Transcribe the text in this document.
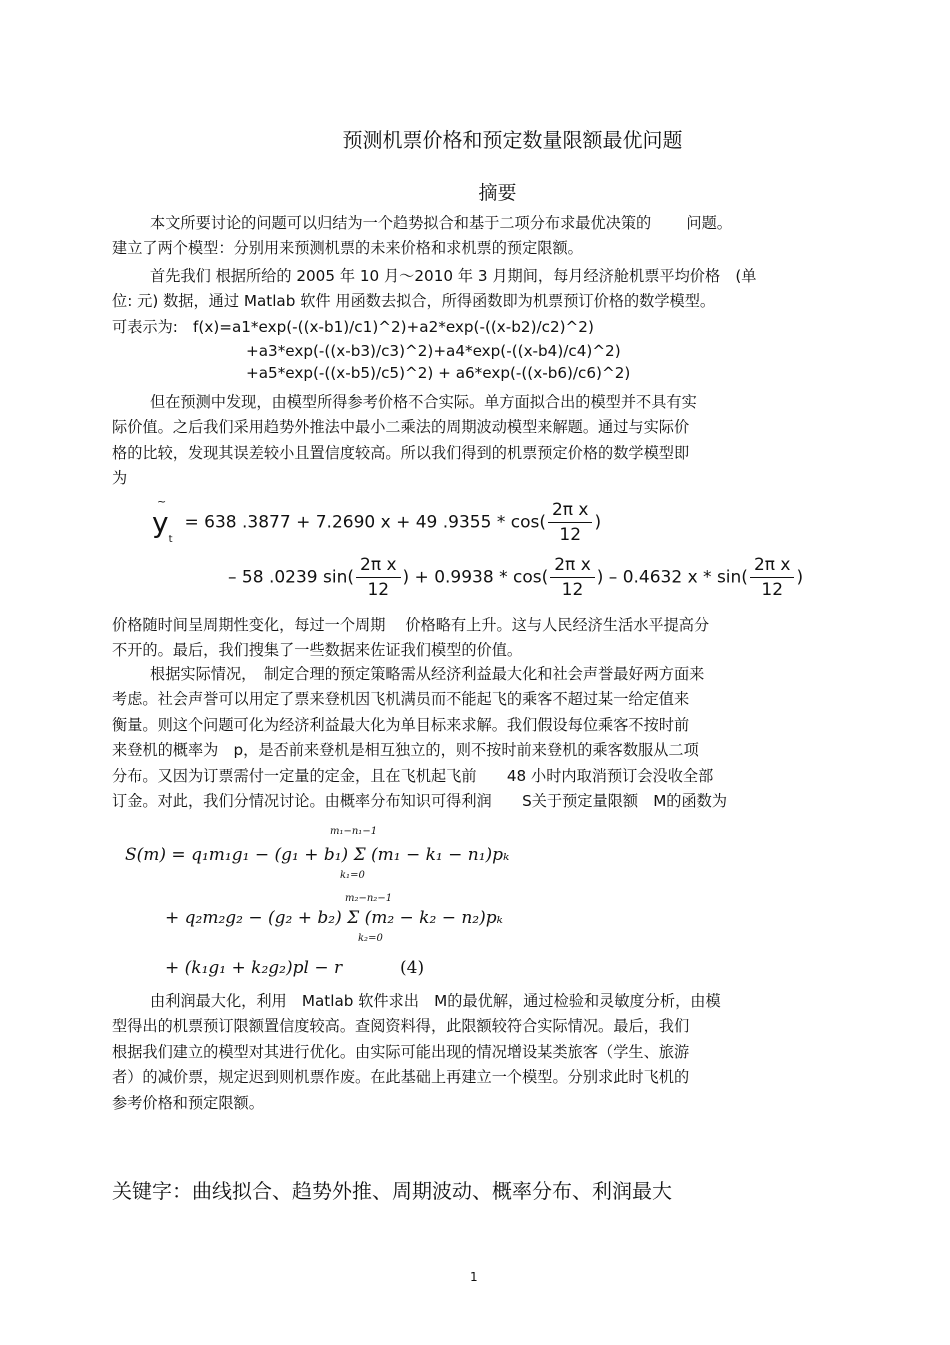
预测机票价格和预定数量限额最优问题
摘要
本文所要讨论的问题可以归结为一个趋势拟合和基于二项分布求最优决策的　　 问题。
建立了两个模型：分别用来预测机票的未来价格和求机票的预定限额。
首先我们 根据所给的 2005 年 10 月～2010 年 3 月期间，每月经济舱机票平均价格　(单
位: 元) 数据，通过 Matlab 软件 用函数去拟合，所得函数即为机票预订价格的数学模型。
可表示为:　f(x)=a1*exp(-((x-b1)/c1)^2)+a2*exp(-((x-b2)/c2)^2)
+a3*exp(-((x-b3)/c3)^2)+a4*exp(-((x-b4)/c4)^2)
+a5*exp(-((x-b5)/c5)^2) + a6*exp(-((x-b6)/c6)^2)
但在预测中发现，由模型所得参考价格不合实际。单方面拟合出的模型并不具有实
际价值。之后我们采用趋势外推法中最小二乘法的周期波动模型来解题。通过与实际价
格的比较，发现其误差较小且置信度较高。所以我们得到的机票预定价格的数学模型即
为
~
$y_t= 638$ .3877 + 7.2690 x + 49 $.9355 * \cos( \frac{\text{2π x}}{12}$ )
– 58 .0239 $\sin( \frac{\text{2π x}}{12}$ ) + $0.9938 * \cos( \frac{\text{2π x}}{12}$ ) – 0.4632 x * $\sin( \frac{\text{2π x}}{12}$ )
价格随时间呈周期性变化，每过一个周期　 价格略有上升。这与人民经济生活水平提高分
不开的。最后，我们搜集了一些数据来佐证我们模型的价值。
根据实际情况，　制定合理的预定策略需从经济利益最大化和社会声誉最好两方面来
考虑。社会声誉可以用定了票来登机因飞机满员而不能起飞的乘客不超过某一给定值来
衡量。则这个问题可化为经济利益最大化为单目标来求解。我们假设每位乘客不按时前
来登机的概率为　p，是否前来登机是相互独立的，则不按时前来登机的乘客数服从二项
分布。又因为订票需付一定量的定金，且在飞机起飞前　　48 小时内取消预订会没收全部
订金。对此，我们分情况讨论。由概率分布知识可得利润　　S关于预定量限额　M的函数为
m₁−n₁−1
S(m) = q₁m₁g₁ − (g₁ + b₁) Σ (m₁ − k₁ − n₁)pₖ
k₁=0
m₂−n₂−1
+ q₂m₂g₂ − (g₂ + b₂) Σ (m₂ − k₂ − n₂)pₖ
k₂=0
+ (k₁g₁ + k₂g₂)pl − r	(4)
由利润最大化，利用　Matlab 软件求出　M的最优解，通过检验和灵敏度分析，由模
型得出的机票预订限额置信度较高。查阅资料得，此限额较符合实际情况。最后，我们
根据我们建立的模型对其进行优化。由实际可能出现的情况增设某类旅客（学生、旅游
者）的减价票，规定迟到则机票作废。在此基础上再建立一个模型。分别求此时飞机的
参考价格和预定限额。
关键字：曲线拟合、趋势外推、周期波动、概率分布、利润最大
1
